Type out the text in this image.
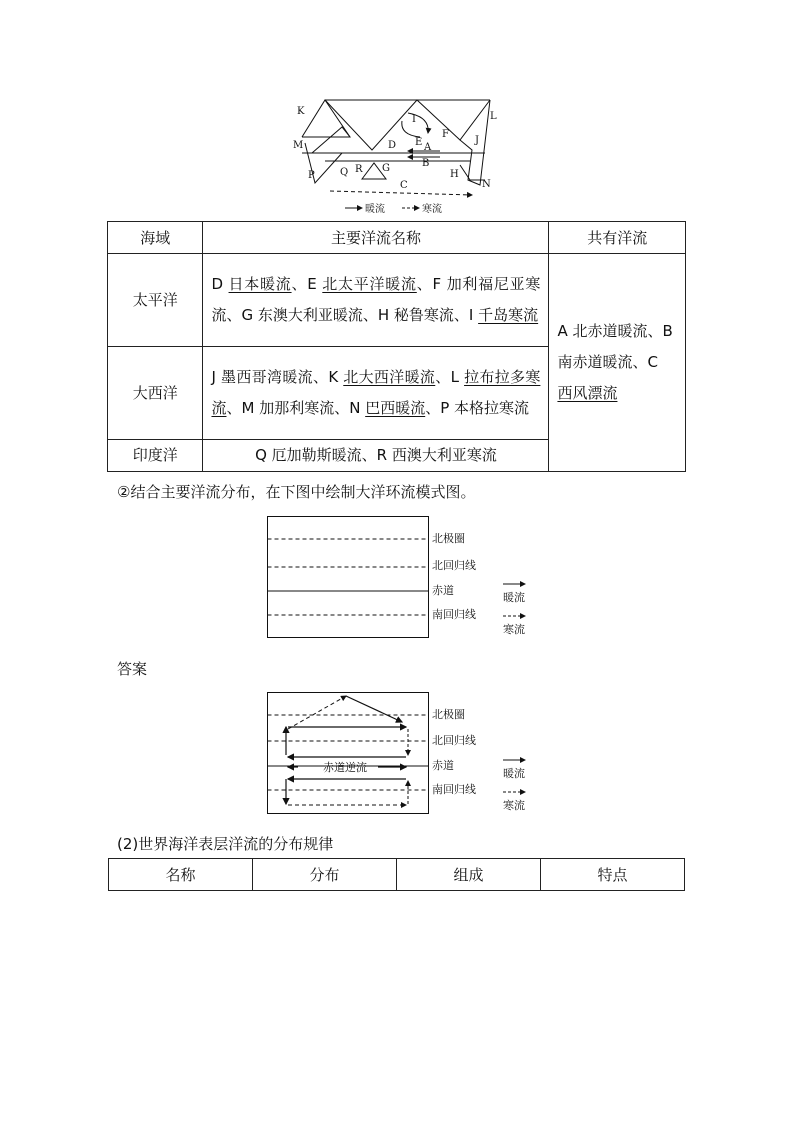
K	L
M
I
E A
D
F
B
J
R G
H
P	Q
C	N
暖流	寒流
海域	主要洋流名称	共有洋流
太平洋	D 日本暖流、E 北太平洋暖流、F 加利福尼亚寒流、G 东澳大利亚暖流、H 秘鲁寒流、I 千岛寒流	A 北赤道暖流、B 南赤道暖流、C 西风漂流
大西洋	J 墨西哥湾暖流、K 北大西洋暖流、L 拉布拉多寒流、M 加那利寒流、N 巴西暖流、P 本格拉寒流	
印度洋	Q 厄加勒斯暖流、R 西澳大利亚寒流	
②结合主要洋流分布，在下图中绘制大洋环流模式图。
北极圈
北回归线
赤道
南回归线
暖流
寒流
答案
赤道逆流
北极圈
北回归线
赤道
南回归线
暖流
寒流
(2)世界海洋表层洋流的分布规律
名称	分布	组成	特点
